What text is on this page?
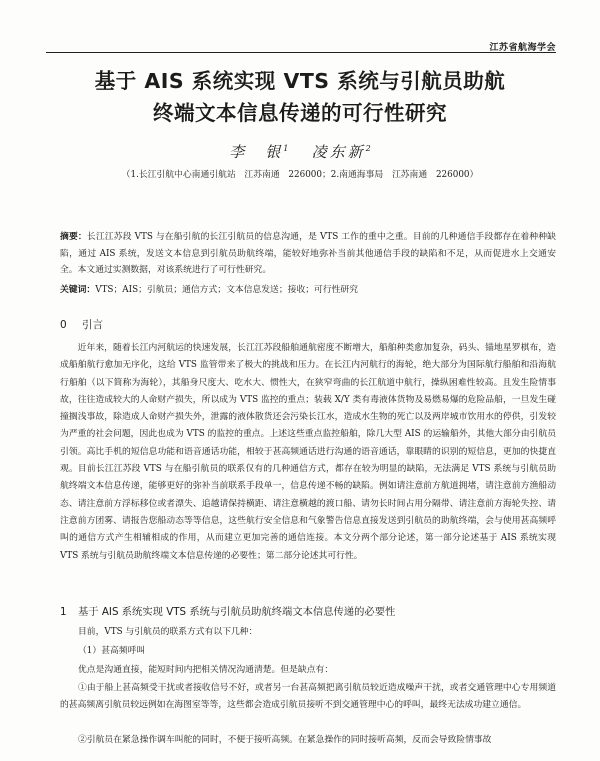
江苏省航海学会
基于 AIS 系统实现 VTS 系统与引航员助航
终端文本信息传递的可行性研究
李　银$^1$ 凌东新$^2$
（1.长江引航中心南通引航站　江苏南通　226000；2.南通海事局　江苏南通　226000）
摘要：长江江苏段 VTS 与在船引航的长江引航员的信息沟通，是 VTS 工作的重中之重。目前的几种通信手段都存在着种种缺陷，通过 AIS 系统，发送文本信息到引航员助航终端，能较好地弥补当前其他通信手段的缺陷和不足，从而促进水上交通安全。本文通过实测数据，对该系统进行了可行性研究。
关键词：VTS；AIS；引航员；通信方式；文本信息发送；接收；可行性研究
0 引言
近年来，随着长江内河航运的快速发展，长江江苏段船舶通航密度不断增大，船舶种类愈加复杂，码头、锚地星罗棋布，造成船舶航行愈加无序化，这给 VTS 监管带来了极大的挑战和压力。在长江内河航行的海轮，绝大部分为国际航行船舶和沿海航行船舶（以下简称为海轮），其船身尺度大、吃水大、惯性大，在狭窄弯曲的长江航道中航行，操纵困难性较高。且发生险情事故，往往造成较大的人命财产损失，所以成为 VTS 监控的重点；装载 X/Y 类有毒液体货物及易燃易爆的危险品船，一旦发生碰撞搁浅事故，除造成人命财产损失外，泄露的液体散货还会污染长江水，造成水生物的死亡以及两岸城市饮用水的停供，引发较为严重的社会问题，因此也成为 VTS 的监控的重点。上述这些重点监控船舶，除几大型 AIS 的运输船外，其他大部分由引航员引领。高比手机的短信息功能和语音通话功能，相较于甚高频通话进行沟通的语音通话，靠眼睛的识别的短信息，更加的快捷直观。目前长江江苏段 VTS 与在船引航员的联系仅有的几种通信方式，都存在较为明显的缺陷，无法满足 VTS 系统与引航员助航终端文本信息传递，能够更好的弥补当前联系手段单一，信息传递不畅的缺陷。例如请注意前方航道拥堵，请注意前方渔船动态、请注意前方浮标移位或者漂失、追越请保持横距、请注意横越的渡口船、请勿长时间占用分隔带、请注意前方海轮失控、请注意前方团雾、请报告您船动态等等信息，这些航行安全信息和气象警告信息直接发送到引航员的助航终端，会与使用甚高频呼叫的通信方式产生相辅相成的作用，从而建立更加完善的通信连接。本文分两个部分论述，第一部分论述基于 AIS 系统实现 VTS 系统与引航员助航终端文本信息传递的必要性；第二部分论述其可行性。
1 基于 AIS 系统实现 VTS 系统与引航员助航终端文本信息传递的必要性
目前，VTS 与引航员的联系方式有以下几种：
（1）甚高频呼叫
优点是沟通直接，能短时间内把相关情况沟通清楚。但是缺点有：
①由于船上甚高频受干扰或者接收信号不好，或者另一台甚高频把离引航员较近造成噪声干扰，或者交通管理中心专用频道的甚高频离引航员较远例如在海图室等等，这些都会造成引航员接听不到交通管理中心的呼叫，最终无法成功建立通信。
②引航员在紧急操作调车叫舵的同时，不便于接听高频。在紧急操作的同时接听高频，反而会导致险情事故
